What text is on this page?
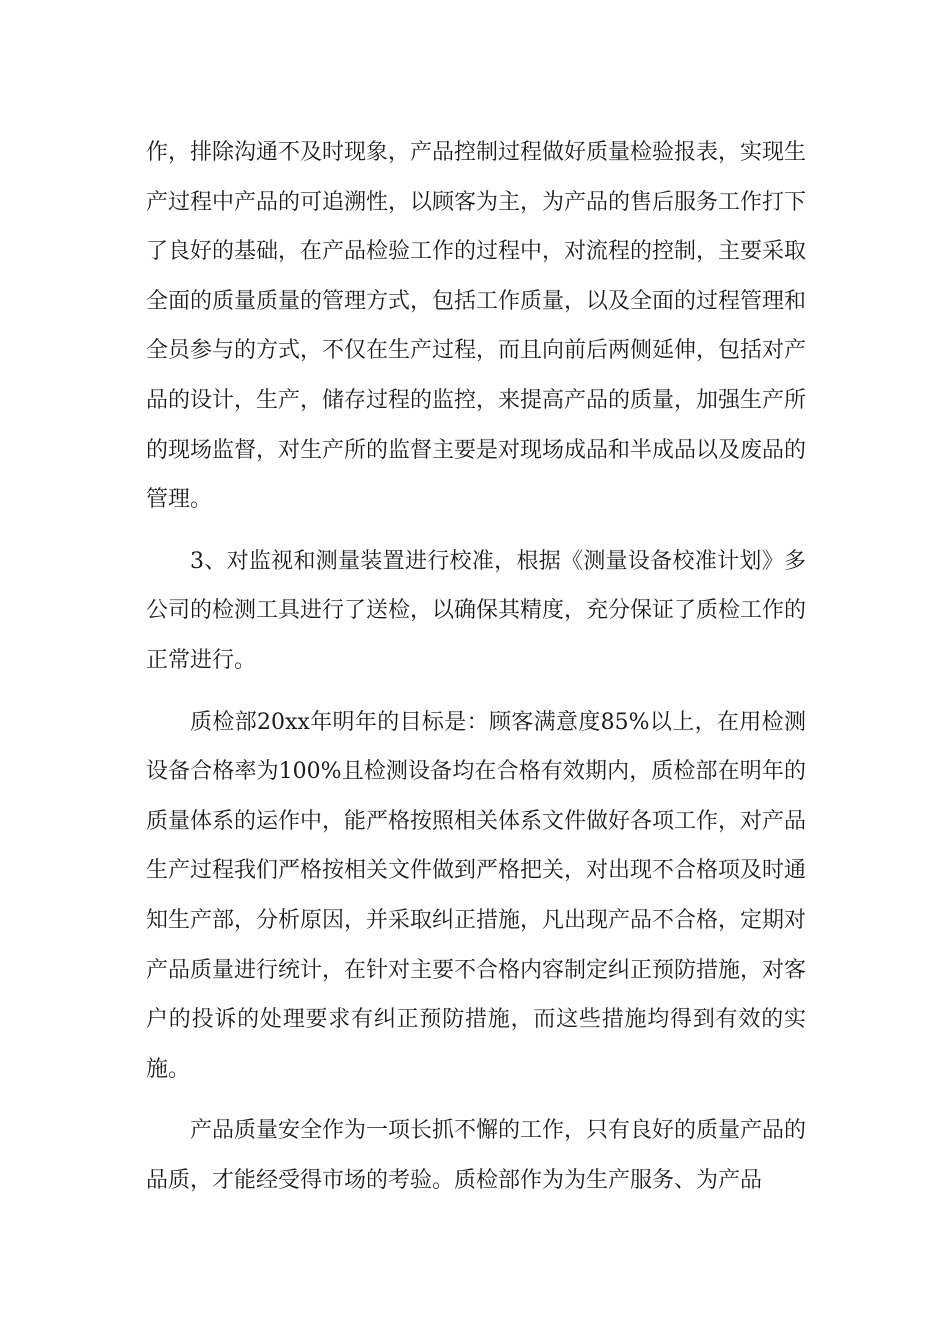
作，排除沟通不及时现象，产品控制过程做好质量检验报表，实现生产过程中产品的可追溯性，以顾客为主，为产品的售后服务工作打下了良好的基础，在产品检验工作的过程中，对流程的控制，主要采取全面的质量质量的管理方式，包括工作质量，以及全面的过程管理和全员参与的方式，不仅在生产过程，而且向前后两侧延伸，包括对产品的设计，生产，储存过程的监控，来提高产品的质量，加强生产所的现场监督，对生产所的监督主要是对现场成品和半成品以及废品的管理。

3、对监视和测量装置进行校准，根据《测量设备校准计划》多公司的检测工具进行了送检，以确保其精度，充分保证了质检工作的正常进行。

质检部20xx年明年的目标是：顾客满意度85%以上，在用检测设备合格率为100%且检测设备均在合格有效期内，质检部在明年的质量体系的运作中，能严格按照相关体系文件做好各项工作，对产品生产过程我们严格按相关文件做到严格把关，对出现不合格项及时通知生产部，分析原因，并采取纠正措施，凡出现产品不合格，定期对产品质量进行统计，在针对主要不合格内容制定纠正预防措施，对客户的投诉的处理要求有纠正预防措施，而这些措施均得到有效的实施。

产品质量安全作为一项长抓不懈的工作，只有良好的质量产品的品质，才能经受得市场的考验。质检部作为为生产服务、为产品
